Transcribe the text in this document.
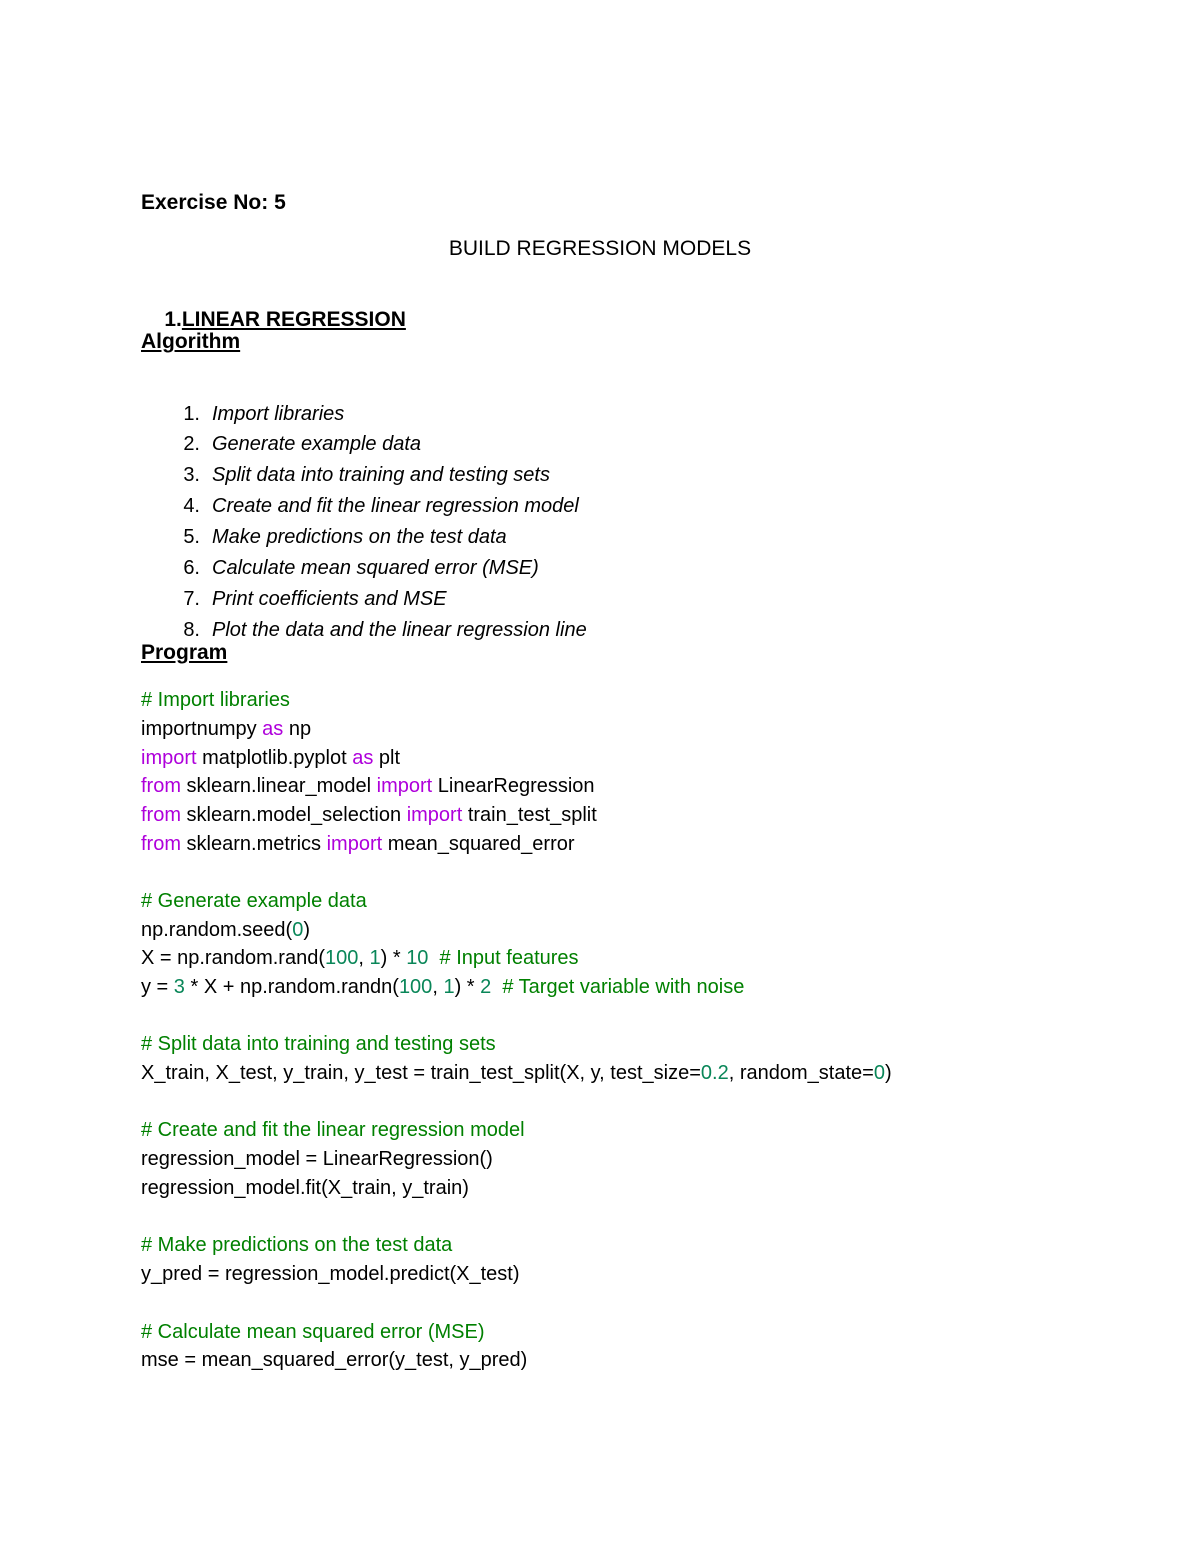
Exercise No: 5
BUILD REGRESSION MODELS

1.LINEAR REGRESSION

Algorithm

1. Import libraries

2. Generate example data

3. Split data into training and testing sets

4. Create and fit the linear regression model

5. Make predictions on the test data

6. Calculate mean squared error (MSE)

7. Print coefficients and MSE

8. Plot the data and the linear regression line

Program
# Import libraries
importnumpy as np
import matplotlib.pyplot as plt
from sklearn.linear_model import LinearRegression
from sklearn.model_selection import train_test_split
from sklearn.metrics import mean_squared_error
# Generate example data
np.random.seed(0)
X = np.random.rand(100, 1) * 10  # Input features
y = 3 * X + np.random.randn(100, 1) * 2  # Target variable with noise
# Split data into training and testing sets
X_train, X_test, y_train, y_test = train_test_split(X, y, test_size=0.2, random_state=0)
# Create and fit the linear regression model
regression_model = LinearRegression()
regression_model.fit(X_train, y_train)
# Make predictions on the test data
y_pred = regression_model.predict(X_test)
# Calculate mean squared error (MSE)
mse = mean_squared_error(y_test, y_pred)
